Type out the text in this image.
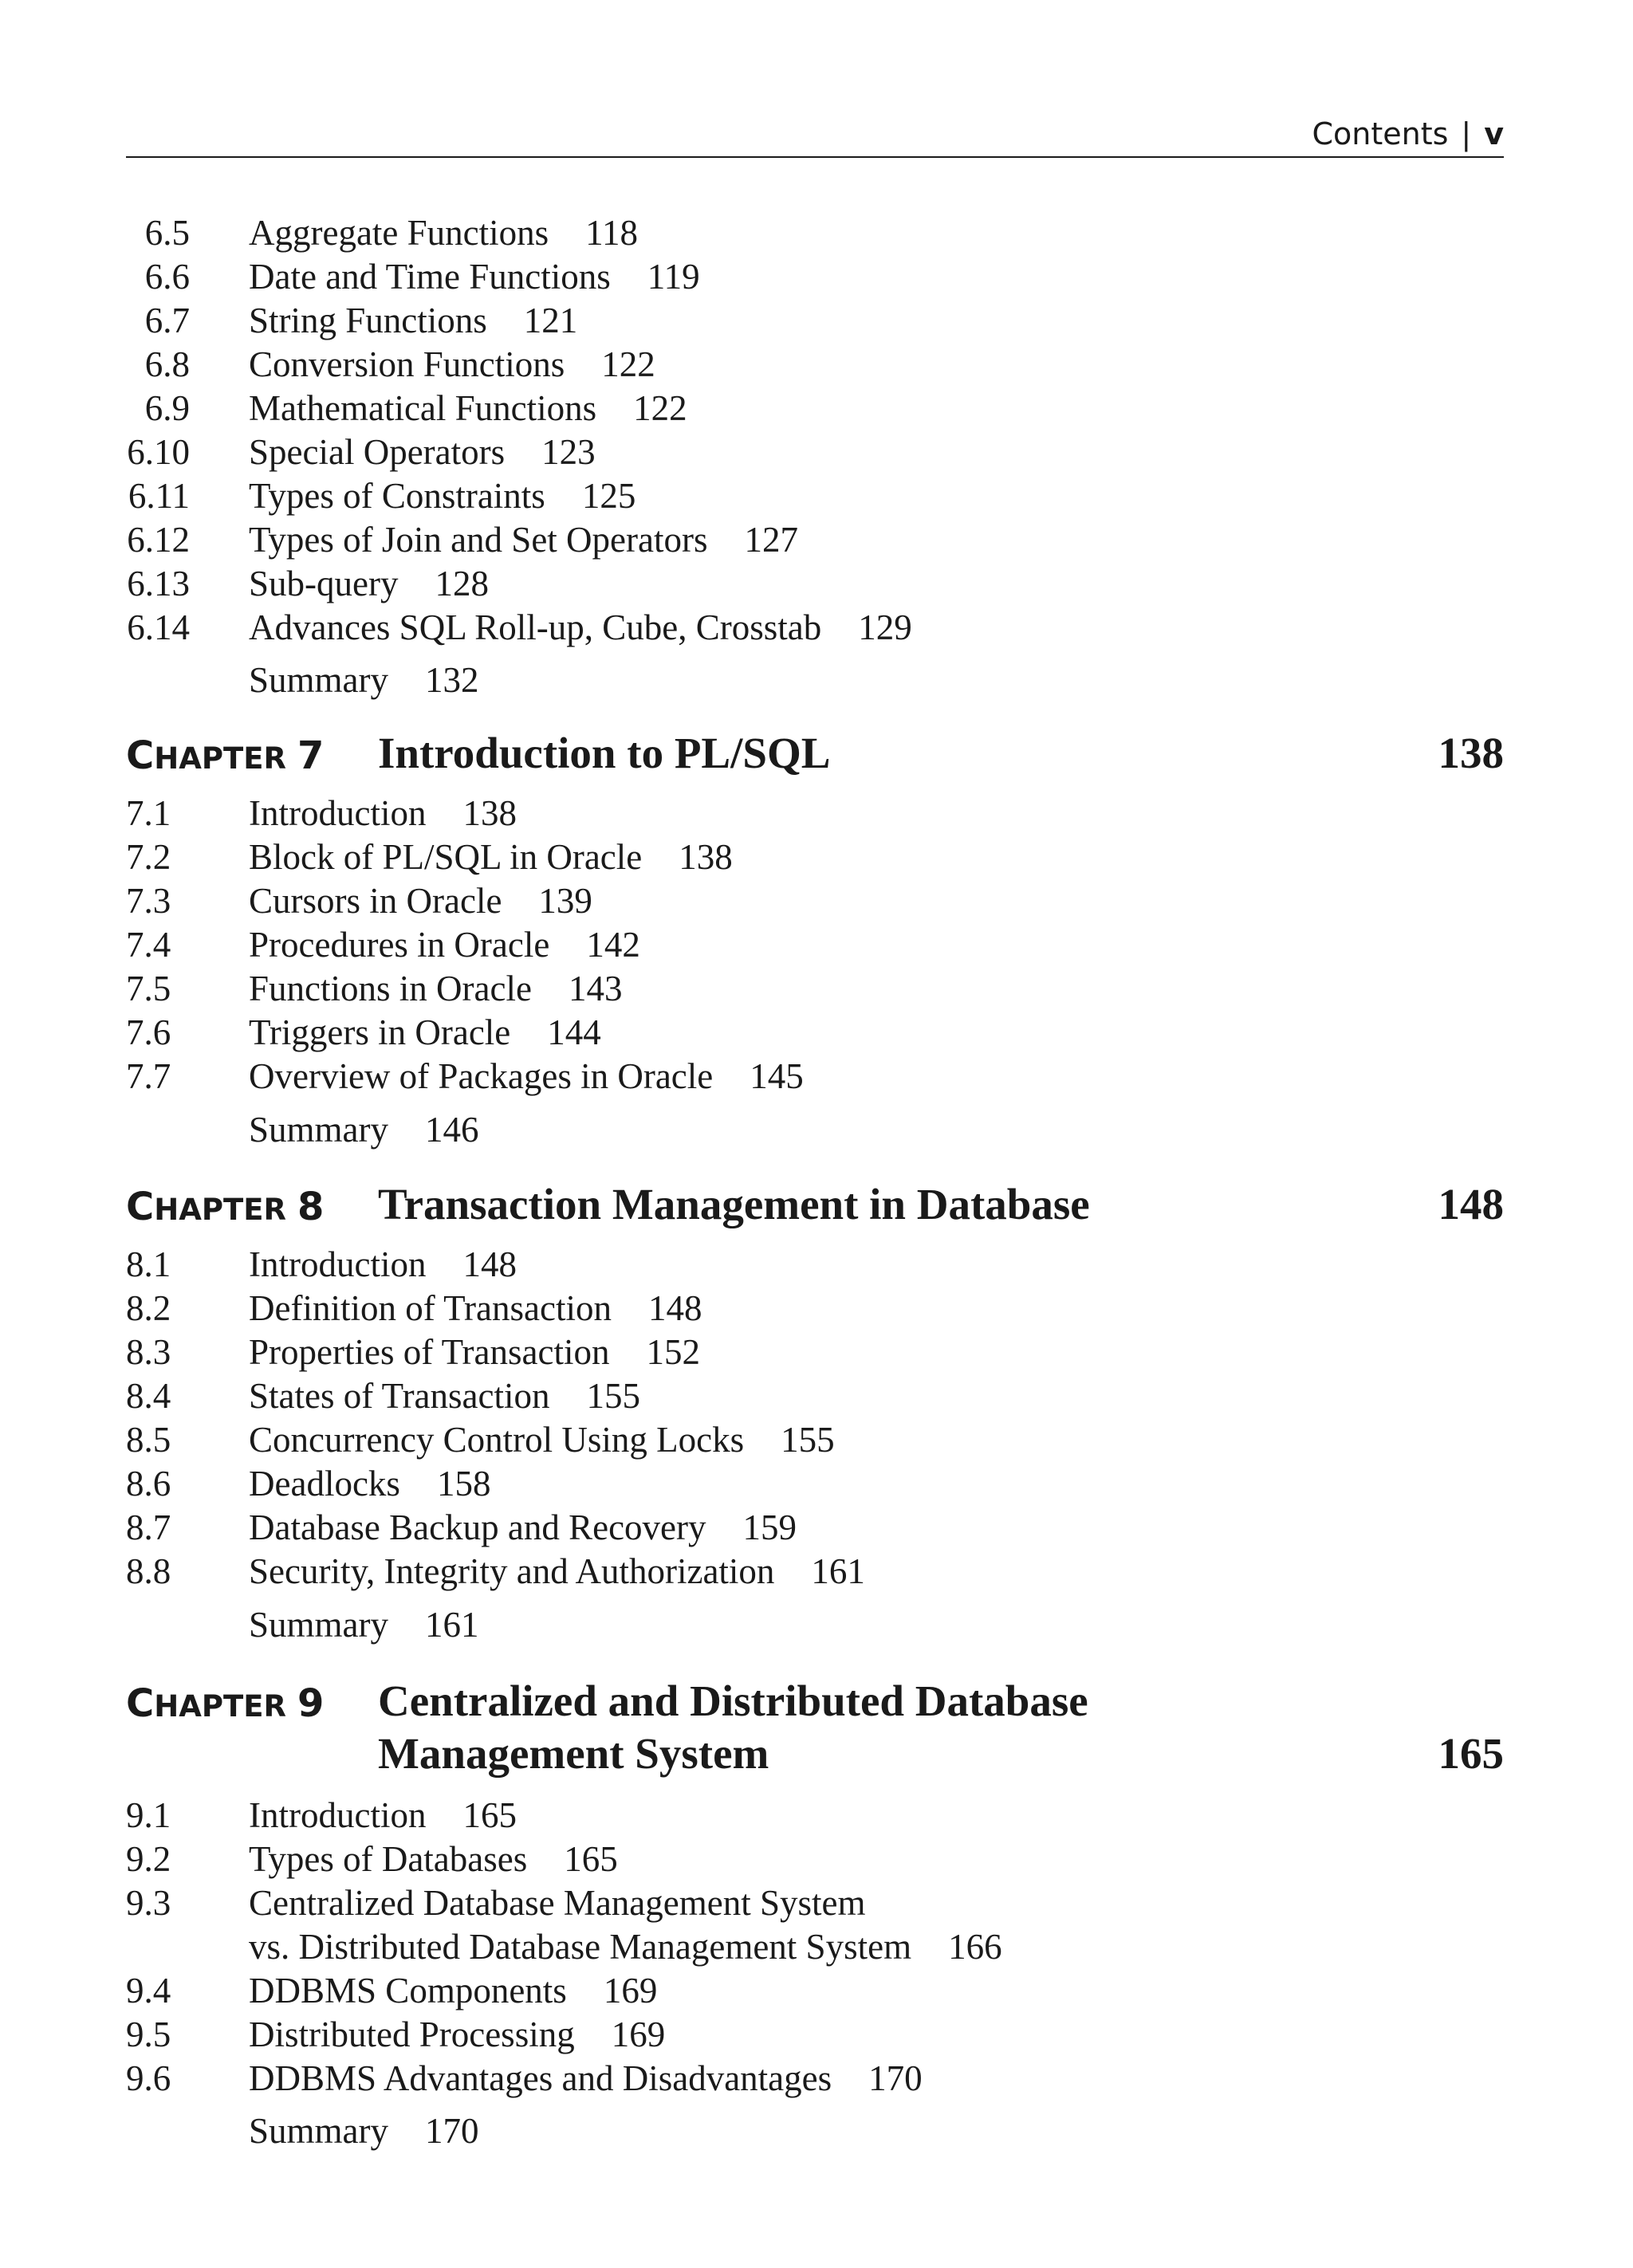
Contents | v
6.5 Aggregate Functions 118
6.6 Date and Time Functions 119
6.7 String Functions 121
6.8 Conversion Functions 122
6.9 Mathematical Functions 122
6.10 Special Operators 123
6.11 Types of Constraints 125
6.12 Types of Join and Set Operators 127
6.13 Sub-query 128
6.14 Advances SQL Roll-up, Cube, Crosstab 129
Summary 132
CHAPTER 7 Introduction to PL/SQL	138
7.1	Introduction 138
7.2	Block of PL/SQL in Oracle 138
7.3	Cursors in Oracle 139
7.4	Procedures in Oracle 142
7.5	Functions in Oracle 143
7.6	Triggers in Oracle 144
7.7	Overview of Packages in Oracle 145
Summary 146
CHAPTER 8 Transaction Management in Database	148
8.1	Introduction 148
8.2	Definition of Transaction 148
8.3	Properties of Transaction 152
8.4	States of Transaction 155
8.5	Concurrency Control Using Locks 155
8.6	Deadlocks 158
8.7	Database Backup and Recovery 159
8.8	Security, Integrity and Authorization 161
Summary 161
CHAPTER 9 Centralized and Distributed Database
Management System	165
9.1	Introduction 165
9.2	Types of Databases 165
9.3	Centralized Database Management System
vs. Distributed Database Management System 166
9.4	DDBMS Components 169
9.5	Distributed Processing 169
9.6	DDBMS Advantages and Disadvantages 170
Summary 170
